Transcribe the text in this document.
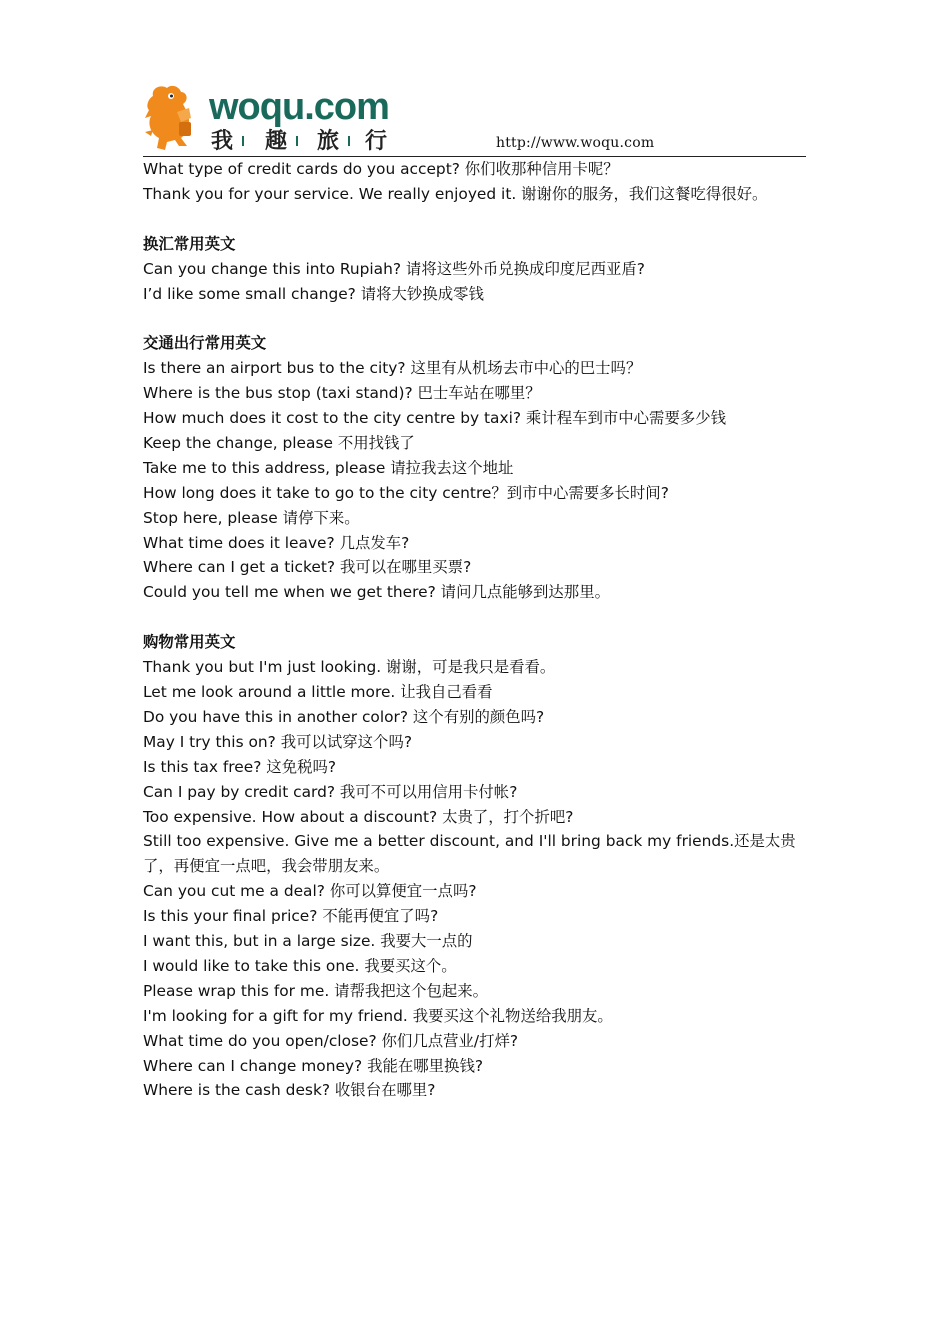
woqu.com
我 趣 旅 行	http://www.woqu.com

What type of credit cards do you accept? 你们收那种信用卡呢？

Thank you for your service. We really enjoyed it. 谢谢你的服务，我们这餐吃得很好。

换汇常用英文

Can you change this into Rupiah? 请将这些外币兑换成印度尼西亚盾?

I’d like some small change? 请将大钞换成零钱

交通出行常用英文

Is there an airport bus to the city? 这里有从机场去市中心的巴士吗？

Where is the bus stop (taxi stand)? 巴士车站在哪里？

How much does it cost to the city centre by taxi? 乘计程车到市中心需要多少钱

Keep the change, please 不用找钱了

Take me to this address, please 请拉我去这个地址

How long does it take to go to the city centre？到市中心需要多长时间?

Stop here, please 请停下来。

What time does it leave? 几点发车?

Where can I get a ticket? 我可以在哪里买票?

Could you tell me when we get there? 请问几点能够到达那里。

购物常用英文

Thank you but I'm just looking. 谢谢，可是我只是看看。

Let me look around a little more. 让我自己看看

Do you have this in another color? 这个有别的颜色吗?

May I try this on? 我可以试穿这个吗?

Is this tax free? 这免税吗?

Can I pay by credit card? 我可不可以用信用卡付帐?

Too expensive. How about a discount? 太贵了，打个折吧?

Still too expensive. Give me a better discount, and I'll bring back my friends.还是太贵了，再便宜一点吧，我会带朋友来。

Can you cut me a deal? 你可以算便宜一点吗?

Is this your final price? 不能再便宜了吗?

I want this, but in a large size. 我要大一点的

I would like to take this one. 我要买这个。

Please wrap this for me. 请帮我把这个包起来。

I'm looking for a gift for my friend. 我要买这个礼物送给我朋友。

What time do you open/close? 你们几点营业/打烊?

Where can I change money? 我能在哪里换钱?

Where is the cash desk? 收银台在哪里?
